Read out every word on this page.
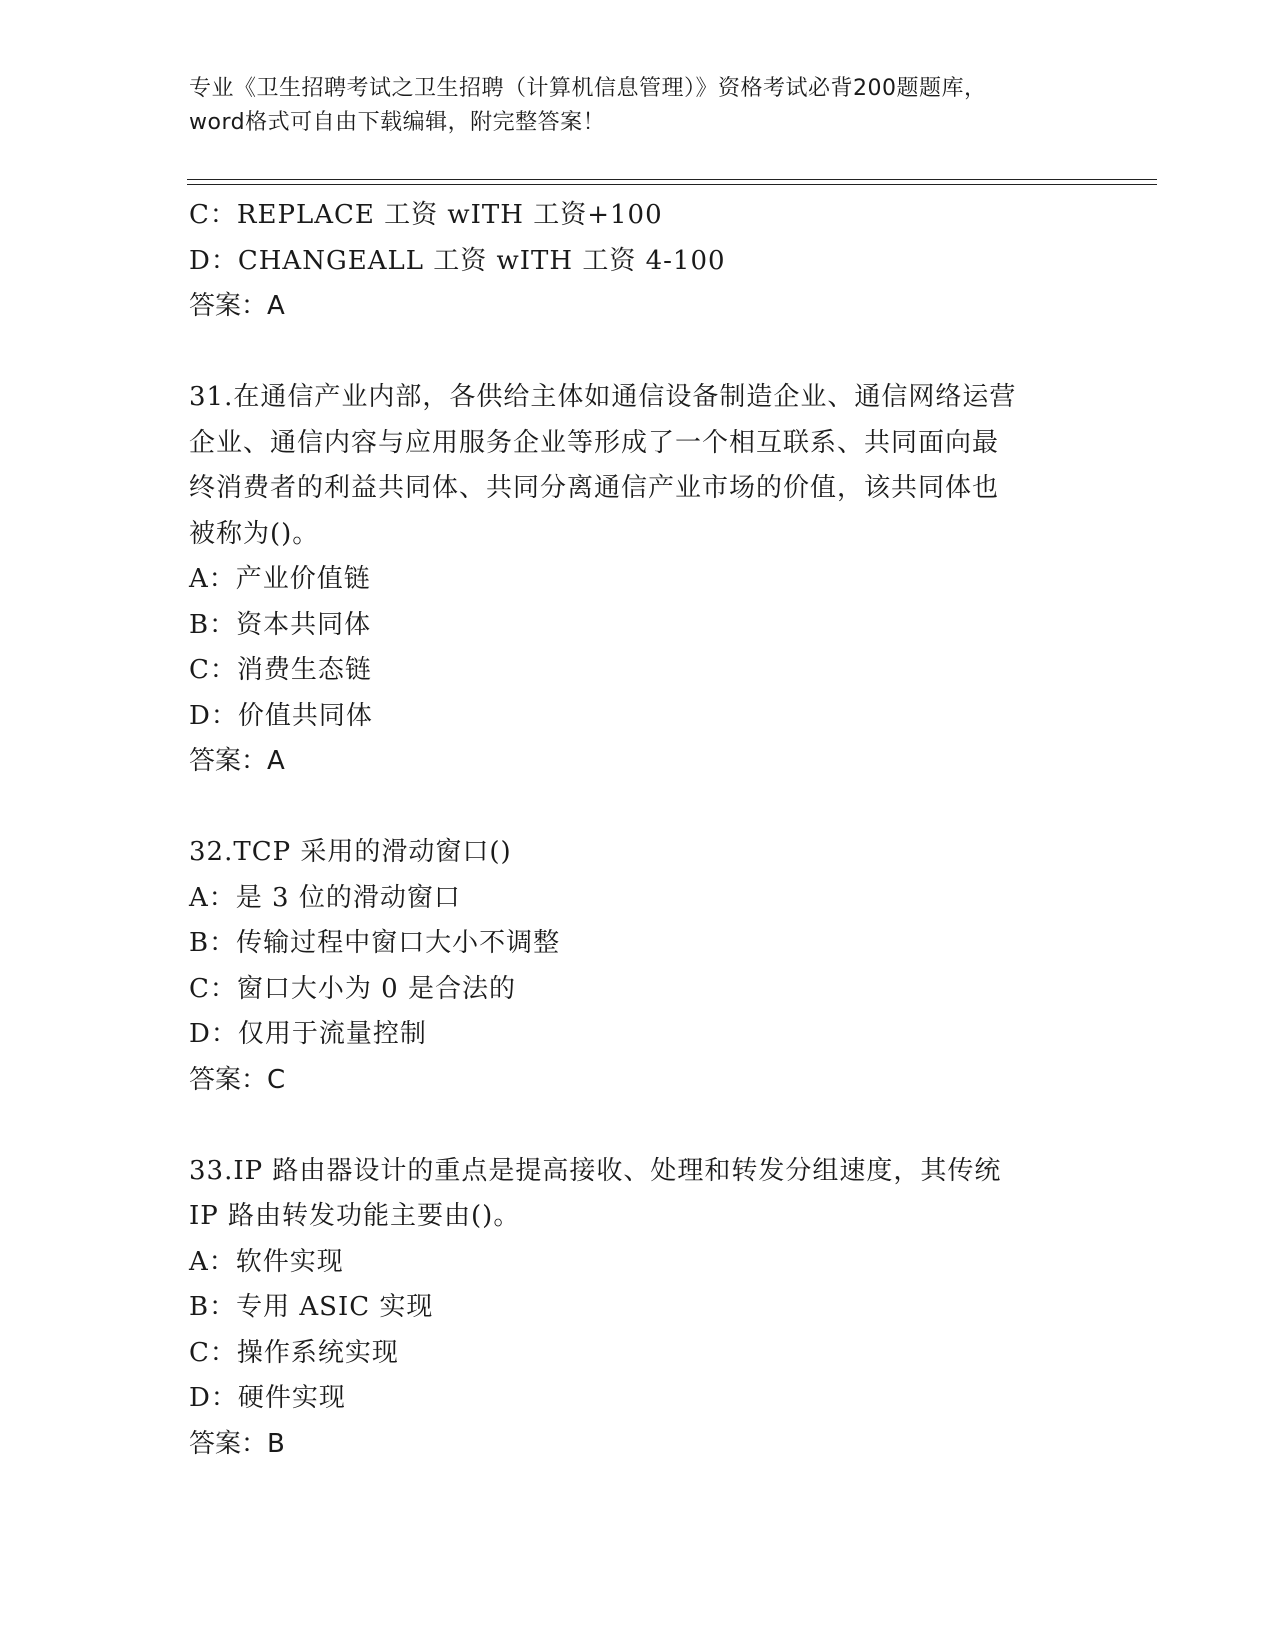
专业《卫生招聘考试之卫生招聘（计算机信息管理）》资格考试必背200题题库，
word格式可自由下载编辑，附完整答案！
C：REPLACE 工资 wITH 工资+100
D：CHANGEALL 工资 wITH 工资 4-100
答案：A
31.在通信产业内部，各供给主体如通信设备制造企业、通信网络运营
企业、通信内容与应用服务企业等形成了一个相互联系、共同面向最
终消费者的利益共同体、共同分离通信产业市场的价值，该共同体也
被称为()。
A：产业价值链
B：资本共同体
C：消费生态链
D：价值共同体
答案：A
32.TCP 采用的滑动窗口()
A：是 3 位的滑动窗口
B：传输过程中窗口大小不调整
C：窗口大小为 0 是合法的
D：仅用于流量控制
答案：C
33.IP 路由器设计的重点是提高接收、处理和转发分组速度，其传统
IP 路由转发功能主要由()。
A：软件实现
B：专用 ASIC 实现
C：操作系统实现
D：硬件实现
答案：B
